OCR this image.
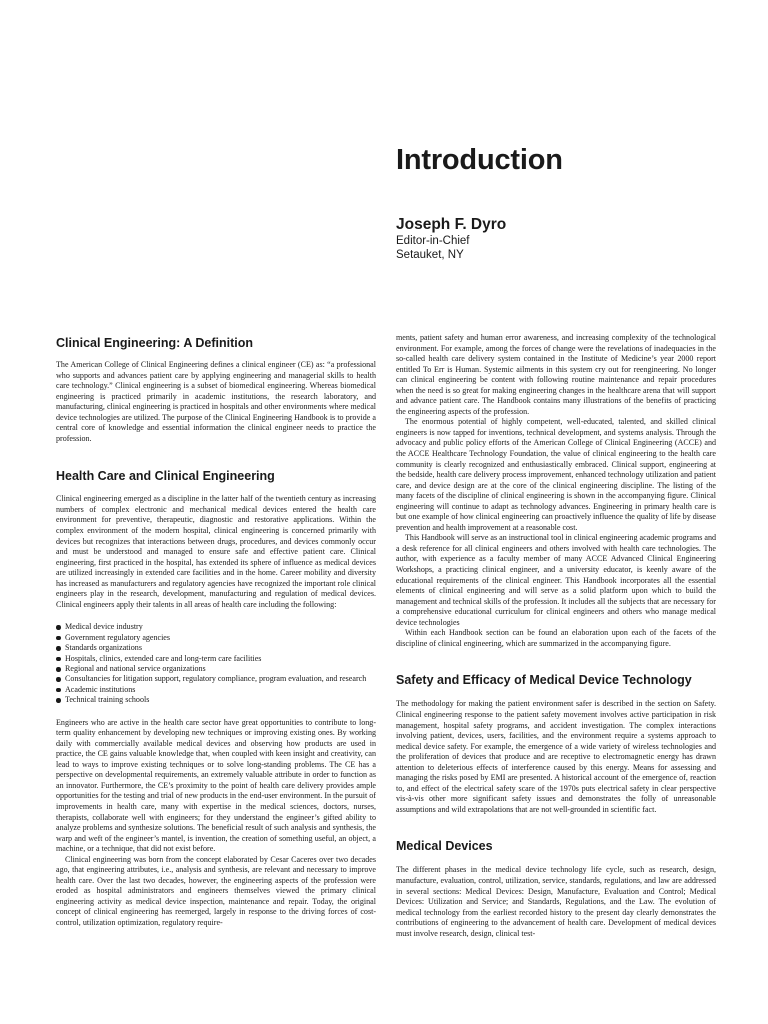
Introduction
Joseph F. Dyro
Editor-in-Chief
Setauket, NY
Clinical Engineering: A Definition

The American College of Clinical Engineering defines a clinical engineer (CE) as: “a professional who supports and advances patient care by applying engineering and managerial skills to health care technology.” Clinical engineering is a subset of biomedical engineering. Whereas biomedical engineering is practiced primarily in academic institutions, the research laboratory, and manufacturing, clinical engineering is practiced in hospitals and other environments where medical device technologies are utilized. The purpose of the Clinical Engineering Handbook is to provide a central core of knowledge and essential information the clinical engineer needs to practice the profession.

Health Care and Clinical Engineering

Clinical engineering emerged as a discipline in the latter half of the twentieth century as increasing numbers of complex electronic and mechanical medical devices entered the health care environment for preventive, therapeutic, diagnostic and restorative applications. Within the complex environment of the modern hospital, clinical engineering is concerned primarily with devices but recognizes that interactions between drugs, procedures, and devices commonly occur and must be understood and managed to ensure safe and effective patient care. Clinical engineering, first practiced in the hospital, has extended its sphere of influence as medical devices are utilized increasingly in extended care facilities and in the home. Career mobility and diversity has increased as manufacturers and regulatory agencies have recognized the important role clinical engineers play in the research, development, manufacturing and regulation of medical devices. Clinical engineers apply their talents in all areas of health care including the following:

Medical device industry
Government regulatory agencies
Standards organizations
Hospitals, clinics, extended care and long-term care facilities
Regional and national service organizations
Consultancies for litigation support, regulatory compliance, program evaluation, and research
Academic institutions
Technical training schools

Engineers who are active in the health care sector have great opportunities to contribute to long-term quality enhancement by developing new techniques or improving existing ones. By working daily with commercially available medical devices and observing how products are used in practice, the CE gains valuable knowledge that, when coupled with keen insight and creativity, can lead to ways to improve existing techniques or to solve long-standing problems. The CE has a perspective on developmental requirements, an extremely valuable attribute in order to function as an innovator. Furthermore, the CE’s proximity to the point of health care delivery provides ample opportunities for the testing and trial of new products in the end-user environment. In the pursuit of improvements in health care, many with expertise in the medical sciences, doctors, nurses, therapists, collaborate well with engineers; for they understand the engineer’s gifted ability to analyze problems and synthesize solutions. The beneficial result of such analysis and synthesis, the warp and weft of the engineer’s mantel, is invention, the creation of something useful, an object, a machine, or a technique, that did not exist before.

Clinical engineering was born from the concept elaborated by Cesar Caceres over two decades ago, that engineering attributes, i.e., analysis and synthesis, are relevant and necessary to improve health care. Over the last two decades, however, the engineering aspects of the profession were eroded as hospital administrators and engineers themselves viewed the primary clinical engineering activity as medical device inspection, maintenance and repair. Today, the original concept of clinical engineering has reemerged, largely in response to the driving forces of cost-control, utilization optimization, regulatory require-

ments, patient safety and human error awareness, and increasing complexity of the technological environment. For example, among the forces of change were the revelations of inadequacies in the so-called health care delivery system contained in the Institute of Medicine’s year 2000 report entitled To Err is Human. Systemic ailments in this system cry out for reengineering. No longer can clinical engineering be content with following routine maintenance and repair procedures when the need is so great for making engineering changes in the healthcare arena that will support and advance patient care. The Handbook contains many illustrations of the benefits of practicing the engineering aspects of the profession.

The enormous potential of highly competent, well-educated, talented, and skilled clinical engineers is now tapped for inventions, technical development, and systems analysis. Through the advocacy and public policy efforts of the American College of Clinical Engineering (ACCE) and the ACCE Healthcare Technology Foundation, the value of clinical engineering to the health care community is clearly recognized and enthusiastically embraced. Clinical support, engineering at the bedside, health care delivery process improvement, enhanced technology utilization and patient care, and device design are at the core of the clinical engineering discipline. The listing of the many facets of the discipline of clinical engineering is shown in the accompanying figure. Clinical engineering will continue to adapt as technology advances. Engineering in primary health care is but one example of how clinical engineering can proactively influence the quality of life by disease prevention and health improvement at a reasonable cost.

This Handbook will serve as an instructional tool in clinical engineering academic programs and a desk reference for all clinical engineers and others involved with health care technologies. The author, with experience as a faculty member of many ACCE Advanced Clinical Engineering Workshops, a practicing clinical engineer, and a university educator, is keenly aware of the educational requirements of the clinical engineer. This Handbook incorporates all the essential elements of clinical engineering and will serve as a solid platform upon which to build the management and technical skills of the profession. It includes all the subjects that are necessary for a comprehensive educational curriculum for clinical engineers and others who manage medical device technologies

Within each Handbook section can be found an elaboration upon each of the facets of the discipline of clinical engineering, which are summarized in the accompanying figure.

Safety and Efficacy of Medical Device Technology

The methodology for making the patient environment safer is described in the section on Safety. Clinical engineering response to the patient safety movement involves active participation in risk management, hospital safety programs, and accident investigation. The complex interactions involving patient, devices, users, facilities, and the environment require a systems approach to medical device safety. For example, the emergence of a wide variety of wireless technologies and the proliferation of devices that produce and are receptive to electromagnetic energy has drawn attention to deleterious effects of interference caused by this energy. Means for assessing and managing the risks posed by EMI are presented. A historical account of the emergence of, reaction to, and effect of the electrical safety scare of the 1970s puts electrical safety in clear perspective vis-à-vis other more significant safety issues and demonstrates the folly of unreasonable assumptions and wild extrapolations that are not well-grounded in scientific fact.

Medical Devices

The different phases in the medical device technology life cycle, such as research, design, manufacture, evaluation, control, utilization, service, standards, regulations, and law are addressed in several sections: Medical Devices: Design, Manufacture, Evaluation and Control; Medical Devices: Utilization and Service; and Standards, Regulations, and the Law. The evolution of medical technology from the earliest recorded history to the present day clearly demonstrates the contributions of engineering to the advancement of health care. Development of medical devices must involve research, design, clinical test-
